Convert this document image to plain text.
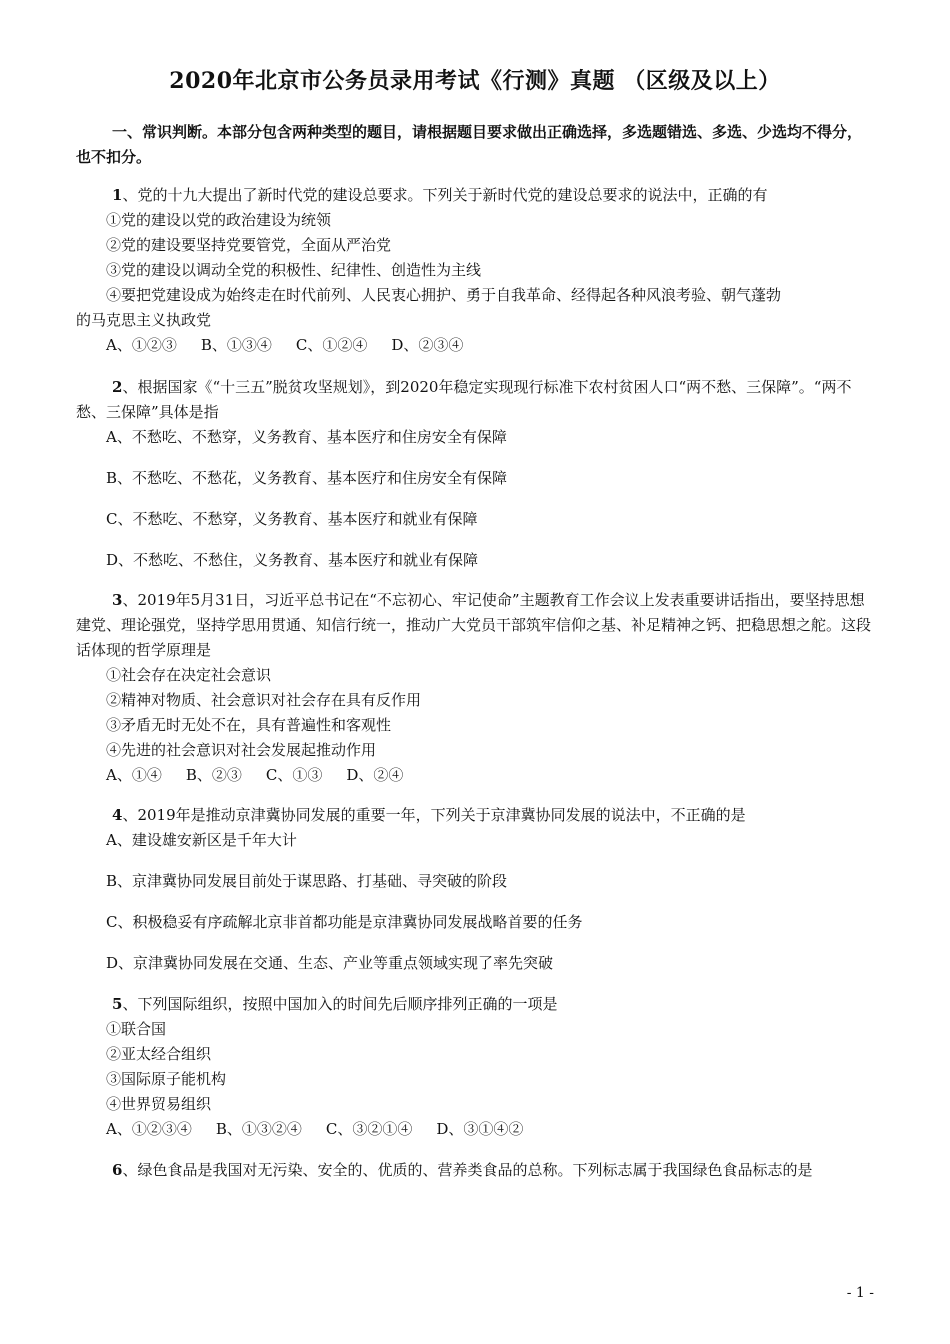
2020年北京市公务员录用考试《行测》真题 （区级及以上）
一、常识判断。本部分包含两种类型的题目，请根据题目要求做出正确选择，多选题错选、多选、少选均不得分，也不扣分。
1、党的十九大提出了新时代党的建设总要求。下列关于新时代党的建设总要求的说法中，正确的有
①党的建设以党的政治建设为统领
②党的建设要坚持党要管党，全面从严治党
③党的建设以调动全党的积极性、纪律性、创造性为主线
④要把党建设成为始终走在时代前列、人民衷心拥护、勇于自我革命、经得起各种风浪考验、朝气蓬勃
的马克思主义执政党
A、①②③ B、①③④ C、①②④ D、②③④
2、根据国家《“十三五”脱贫攻坚规划》，到2020年稳定实现现行标准下农村贫困人口“两不愁、三保障”。“两不愁、三保障”具体是指
A、不愁吃、不愁穿，义务教育、基本医疗和住房安全有保障
B、不愁吃、不愁花，义务教育、基本医疗和住房安全有保障
C、不愁吃、不愁穿，义务教育、基本医疗和就业有保障
D、不愁吃、不愁住，义务教育、基本医疗和就业有保障
3、2019年5月31日，习近平总书记在“不忘初心、牢记使命”主题教育工作会议上发表重要讲话指出，要坚持思想建党、理论强党，坚持学思用贯通、知信行统一，推动广大党员干部筑牢信仰之基、补足精神之钙、把稳思想之舵。这段话体现的哲学原理是
①社会存在决定社会意识
②精神对物质、社会意识对社会存在具有反作用
③矛盾无时无处不在，具有普遍性和客观性
④先进的社会意识对社会发展起推动作用
A、①④ B、②③ C、①③ D、②④
4、2019年是推动京津冀协同发展的重要一年，下列关于京津冀协同发展的说法中，不正确的是
A、建设雄安新区是千年大计
B、京津冀协同发展目前处于谋思路、打基础、寻突破的阶段
C、积极稳妥有序疏解北京非首都功能是京津冀协同发展战略首要的任务
D、京津冀协同发展在交通、生态、产业等重点领域实现了率先突破
5、下列国际组织，按照中国加入的时间先后顺序排列正确的一项是
①联合国
②亚太经合组织
③国际原子能机构
④世界贸易组织
A、①②③④ B、①③②④ C、③②①④ D、③①④②
6、绿色食品是我国对无污染、安全的、优质的、营养类食品的总称。下列标志属于我国绿色食品标志的是
- 1 -
